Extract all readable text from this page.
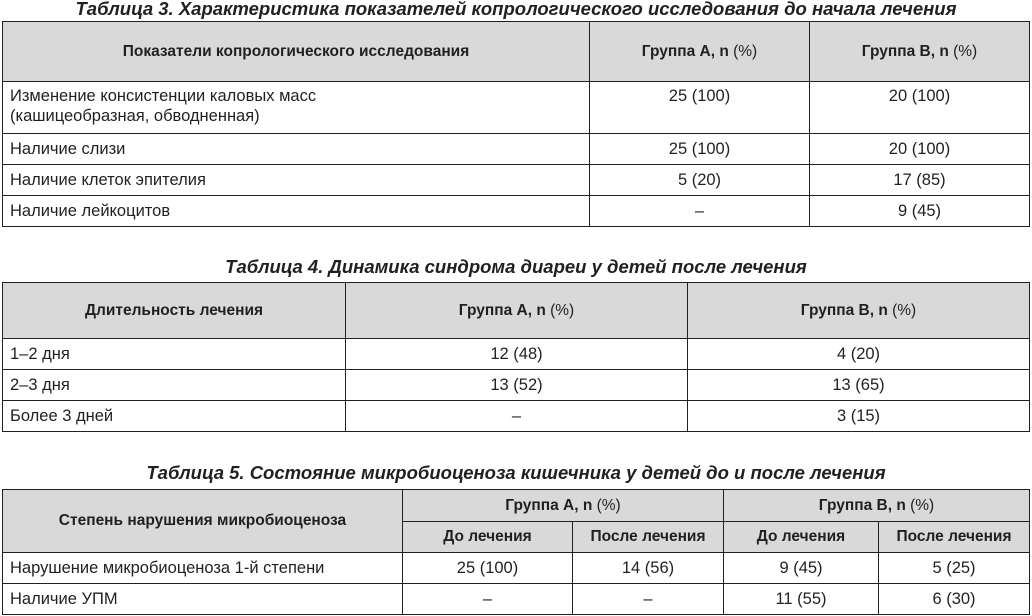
Таблица 3. Характеристика показателей копрологического исследования до начала лечения
Показатели копрологического исследования	Группа А, n (%)	Группа В, n (%)
Изменение консистенции каловых масс
(кашицеобразная, обводненная)	25 (100)	20 (100)
Наличие слизи	25 (100)	20 (100)
Наличие клеток эпителия	5 (20)	17 (85)
Наличие лейкоцитов	–	9 (45)
Таблица 4. Динамика синдрома диареи у детей после лечения
Длительность лечения	Группа А, n (%)	Группа В, n (%)
1–2 дня	12 (48)	4 (20)
2–3 дня	13 (52)	13 (65)
Более 3 дней	–	3 (15)
Таблица 5. Состояние микробиоценоза кишечника у детей до и после лечения
Степень нарушения микробиоценоза	Группа А, n (%)		Группа В, n (%)	
	До лечения	После лечения	До лечения	После лечения
Нарушение микробиоценоза 1-й степени	25 (100)	14 (56)	9 (45)	5 (25)
Наличие УПМ	–	–	11 (55)	6 (30)
